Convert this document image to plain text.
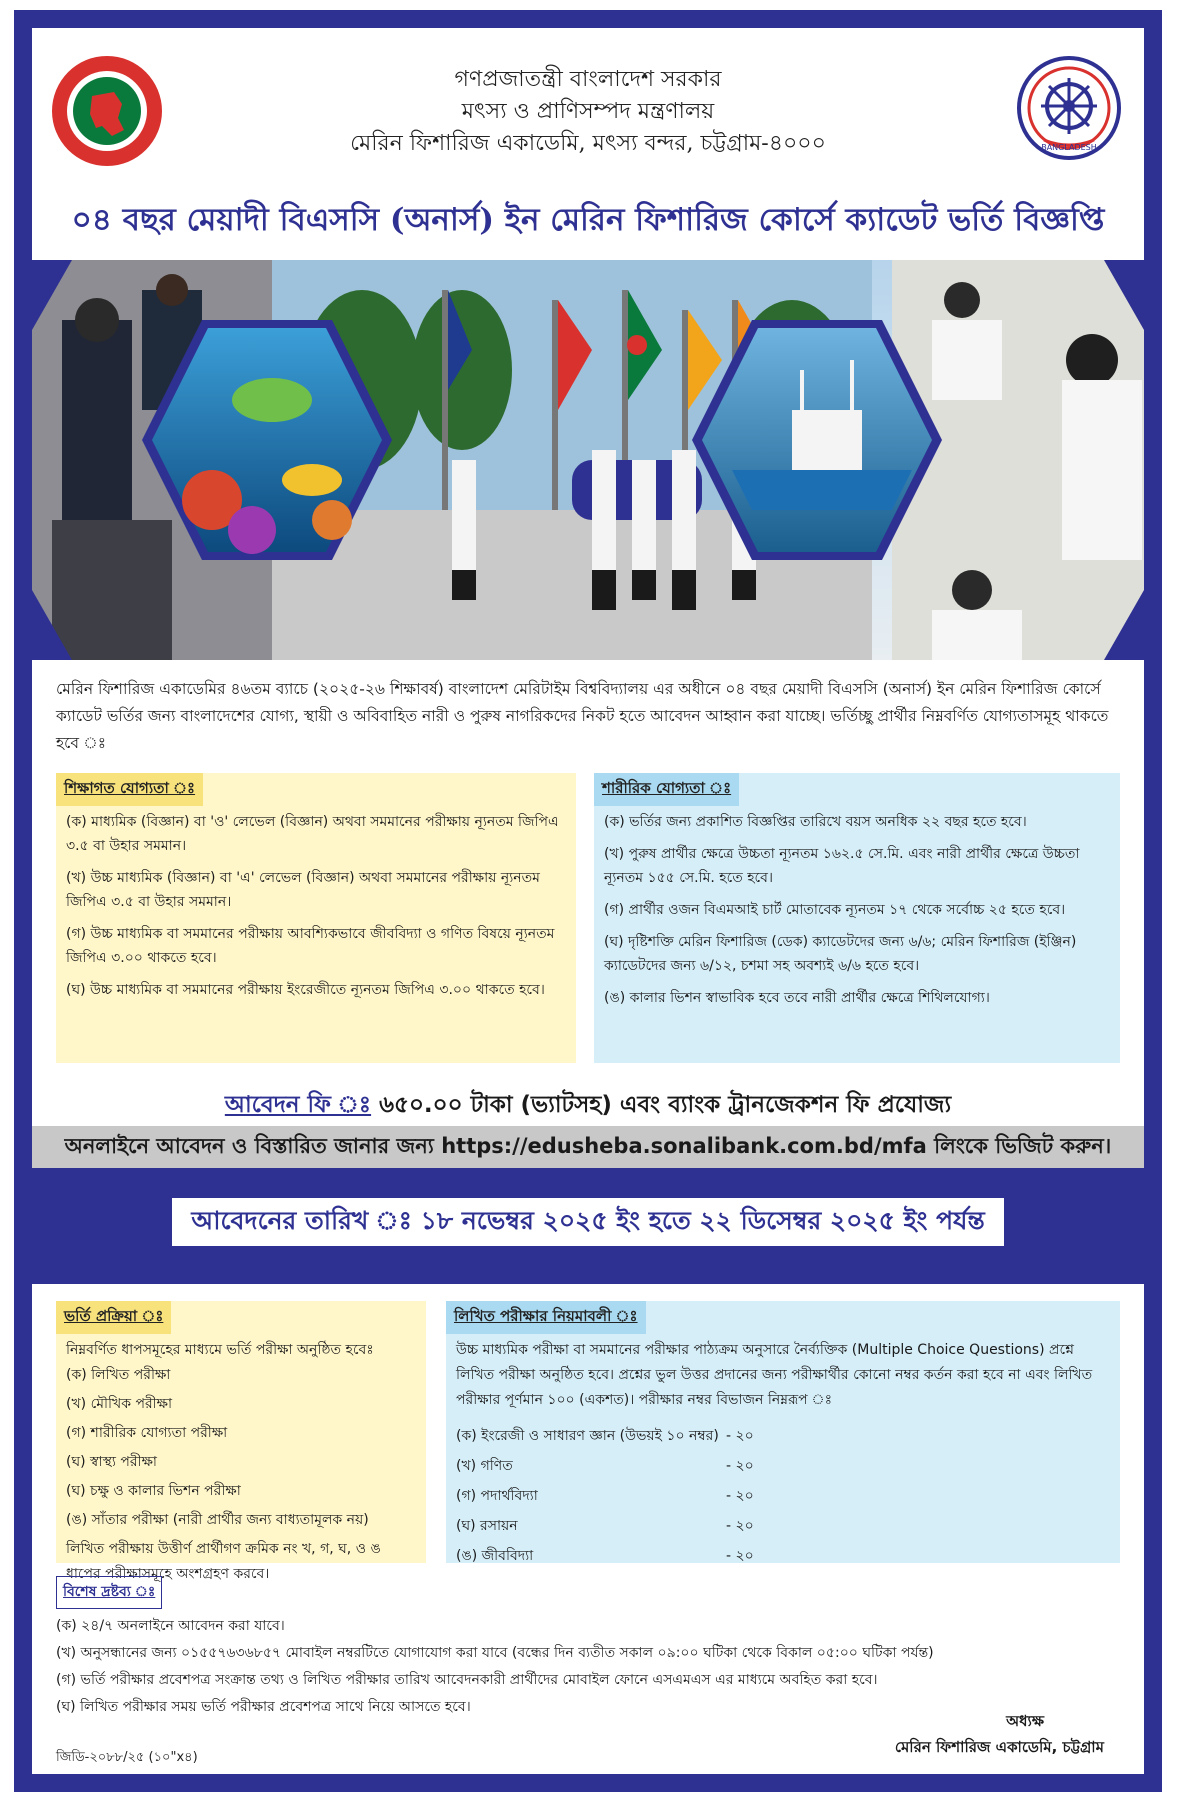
গণপ্রজাতন্ত্রী বাংলাদেশ সরকার
মৎস্য ও প্রাণিসম্পদ মন্ত্রণালয়
মেরিন ফিশারিজ একাডেমি, মৎস্য বন্দর, চট্টগ্রাম-৪০০০	BANGLADESH
০৪ বছর মেয়াদী বিএসসি (অনার্স) ইন মেরিন ফিশারিজ কোর্সে ক্যাডেট ভর্তি বিজ্ঞপ্তি
মেরিন ফিশারিজ একাডেমির ৪৬তম ব্যাচে (২০২৫-২৬ শিক্ষাবর্ষ) বাংলাদেশ মেরিটাইম বিশ্ববিদ্যালয় এর অধীনে ০৪ বছর মেয়াদী বিএসসি (অনার্স) ইন মেরিন ফিশারিজ কোর্সে ক্যাডেট ভর্তির জন্য বাংলাদেশের যোগ্য, স্থায়ী ও অবিবাহিত নারী ও পুরুষ নাগরিকদের নিকট হতে আবেদন আহ্বান করা যাচ্ছে। ভর্তিচ্ছু প্রার্থীর নিম্নবর্ণিত যোগ্যতাসমূহ থাকতে হবে ঃ
শিক্ষাগত যোগ্যতা ঃ

(ক) মাধ্যমিক (বিজ্ঞান) বা 'ও' লেভেল (বিজ্ঞান) অথবা সমমানের পরীক্ষায় ন্যূনতম জিপিএ ৩.৫ বা উহার সমমান।

(খ) উচ্চ মাধ্যমিক (বিজ্ঞান) বা 'এ' লেভেল (বিজ্ঞান) অথবা সমমানের পরীক্ষায় ন্যূনতম জিপিএ ৩.৫ বা উহার সমমান।

(গ) উচ্চ মাধ্যমিক বা সমমানের পরীক্ষায় আবশ্যিকভাবে জীববিদ্যা ও গণিত বিষয়ে ন্যূনতম জিপিএ ৩.০০ থাকতে হবে।

(ঘ) উচ্চ মাধ্যমিক বা সমমানের পরীক্ষায় ইংরেজীতে ন্যূনতম জিপিএ ৩.০০ থাকতে হবে।

শারীরিক যোগ্যতা ঃ

(ক) ভর্তির জন্য প্রকাশিত বিজ্ঞপ্তির তারিখে বয়স অনধিক ২২ বছর হতে হবে।

(খ) পুরুষ প্রার্থীর ক্ষেত্রে উচ্চতা ন্যূনতম ১৬২.৫ সে.মি. এবং নারী প্রার্থীর ক্ষেত্রে উচ্চতা ন্যূনতম ১৫৫ সে.মি. হতে হবে।

(গ) প্রার্থীর ওজন বিএমআই চার্ট মোতাবেক ন্যূনতম ১৭ থেকে সর্বোচ্চ ২৫ হতে হবে।

(ঘ) দৃষ্টিশক্তি মেরিন ফিশারিজ (ডেক) ক্যাডেটদের জন্য ৬/৬; মেরিন ফিশারিজ (ইঞ্জিন) ক্যাডেটদের জন্য ৬/১২, চশমা সহ অবশ্যই ৬/৬ হতে হবে।

(ঙ) কালার ভিশন স্বাভাবিক হবে তবে নারী প্রার্থীর ক্ষেত্রে শিথিলযোগ্য।

আবেদন ফি ঃ ৬৫০.০০ টাকা (ভ্যাটসহ) এবং ব্যাংক ট্রানজেকশন ফি প্রযোজ্য
অনলাইনে আবেদন ও বিস্তারিত জানার জন্য https://edusheba.sonalibank.com.bd/mfa লিংকে ভিজিট করুন।
আবেদনের তারিখ ঃ ১৮ নভেম্বর ২০২৫ ইং হতে ২২ ডিসেম্বর ২০২৫ ইং পর্যন্ত
ভর্তি প্রক্রিয়া ঃ
নিম্নবর্ণিত ধাপসমূহের মাধ্যমে ভর্তি পরীক্ষা অনুষ্ঠিত হবেঃ
(ক) লিখিত পরীক্ষা
(খ) মৌখিক পরীক্ষা
(গ) শারীরিক যোগ্যতা পরীক্ষা
(ঘ) স্বাস্থ্য পরীক্ষা
(ঘ) চক্ষু ও কালার ভিশন পরীক্ষা
(ঙ) সাঁতার পরীক্ষা (নারী প্রার্থীর জন্য বাধ্যতামূলক নয়)
লিখিত পরীক্ষায় উত্তীর্ণ প্রার্থীগণ ক্রমিক নং খ, গ, ঘ, ও ঙ ধাপের পরীক্ষাসমূহে অংশগ্রহণ করবে।
লিখিত পরীক্ষার নিয়মাবলী ঃ
উচ্চ মাধ্যমিক পরীক্ষা বা সমমানের পরীক্ষার পাঠ্যক্রম অনুসারে নৈর্ব্যক্তিক (Multiple Choice Questions) প্রশ্নে লিখিত পরীক্ষা অনুষ্ঠিত হবে। প্রশ্নের ভুল উত্তর প্রদানের জন্য পরীক্ষার্থীর কোনো নম্বর কর্তন করা হবে না এবং লিখিত পরীক্ষার পূর্ণমান ১০০ (একশত)। পরীক্ষার নম্বর বিভাজন নিম্নরূপ ঃ
(ক) ইংরেজী ও সাধারণ জ্ঞান (উভয়ই ১০ নম্বর) - ২০
(খ) গণিত	- ২০
(গ) পদার্থবিদ্যা	- ২০
(ঘ) রসায়ন	- ২০
(ঙ) জীববিদ্যা	- ২০
বিশেষ দ্রষ্টব্য ঃ
(ক) ২৪/৭ অনলাইনে আবেদন করা যাবে।
(খ) অনুসন্ধানের জন্য ০১৫৫৭৬৩৬৮৫৭ মোবাইল নম্বরটিতে যোগাযোগ করা যাবে (বন্ধের দিন ব্যতীত সকাল ০৯:০০ ঘটিকা থেকে বিকাল ০৫:০০ ঘটিকা পর্যন্ত)
(গ) ভর্তি পরীক্ষার প্রবেশপত্র সংক্রান্ত তথ্য ও লিখিত পরীক্ষার তারিখ আবেদনকারী প্রার্থীদের মোবাইল ফোনে এসএমএস এর মাধ্যমে অবহিত করা হবে।
(ঘ) লিখিত পরীক্ষার সময় ভর্তি পরীক্ষার প্রবেশপত্র সাথে নিয়ে আসতে হবে।
অধ্যক্ষ
মেরিন ফিশারিজ একাডেমি, চট্টগ্রাম
জিডি-২০৮৮/২৫ (১০"x৪)
